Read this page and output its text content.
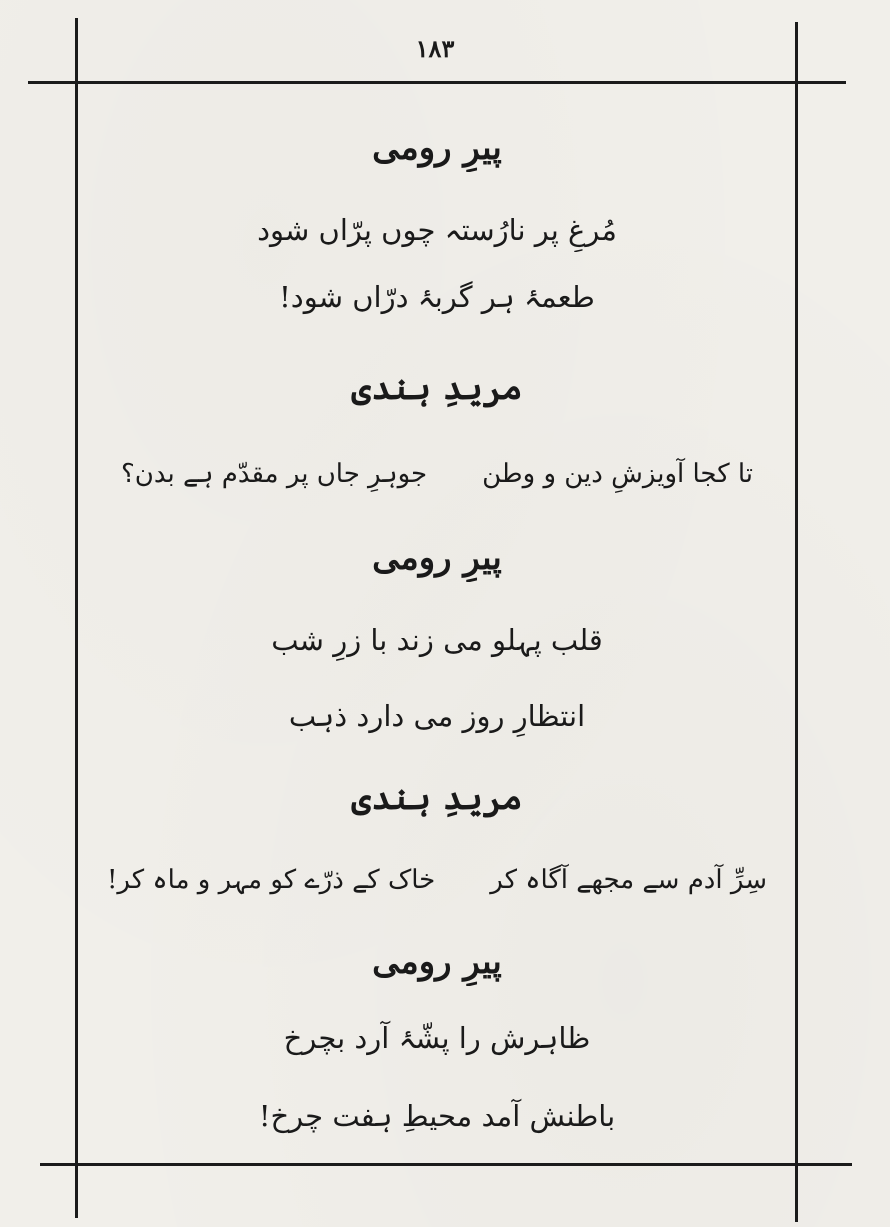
۱۸۳
پیرِ رومی
مُرغِ پر نارُستہ چوں پرّاں شود
طعمۂ ہر گربۂ درّاں شود!
مریدِ ہندی
تا کجا آویزشِ دین و وطنجوہرِ جاں پر مقدّم ہے بدن؟
پیرِ رومی
قلب پہلو می زند با زرِ شب
انتظارِ روز می دارد ذہب
مریدِ ہندی
سِرِّ آدم سے مجھے آگاہ کرخاک کے ذرّے کو مہر و ماہ کر!
پیرِ رومی
ظاہرش را پشّۂ آرد بچرخ
باطنش آمد محیطِ ہفت چرخ!
